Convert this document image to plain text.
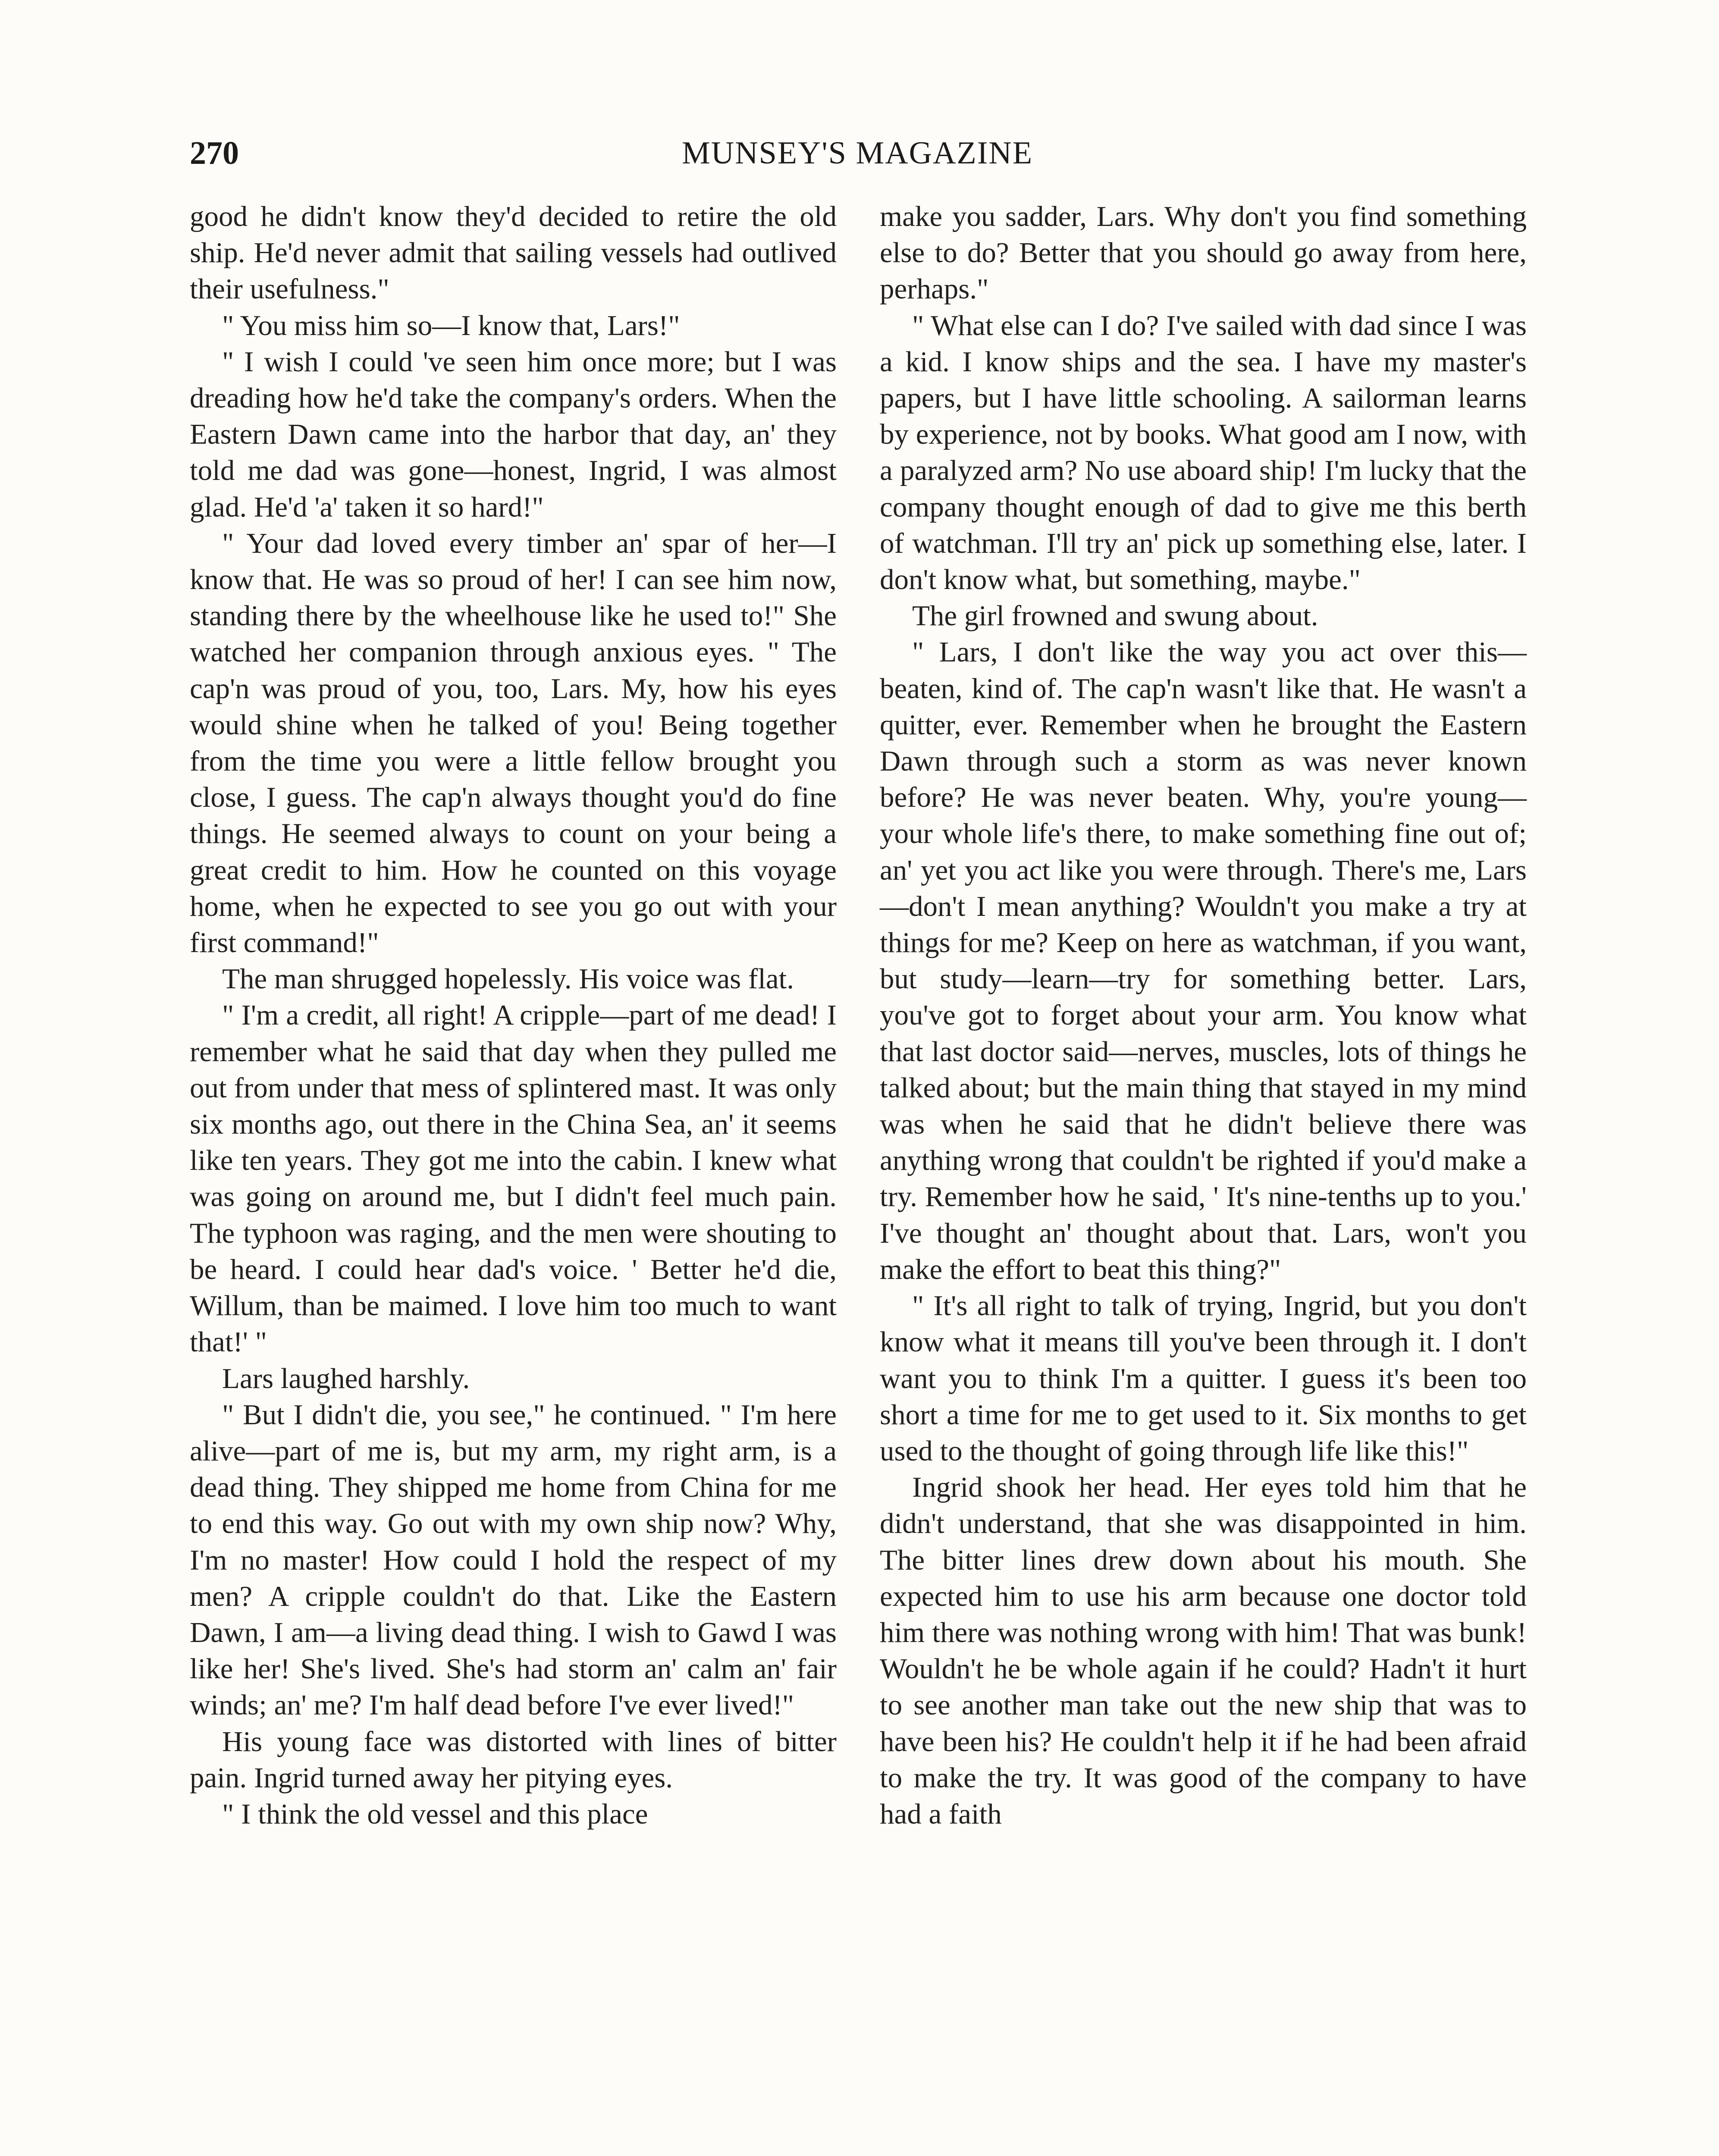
270	MUNSEY'S MAGAZINE

good he didn't know they'd decided to retire the old ship. He'd never admit that sailing vessels had outlived their usefulness."

" You miss him so—I know that, Lars!"

" I wish I could 've seen him once more; but I was dreading how he'd take the company's orders. When the Eastern Dawn came into the harbor that day, an' they told me dad was gone—honest, Ingrid, I was almost glad. He'd 'a' taken it so hard!"

" Your dad loved every timber an' spar of her—I know that. He was so proud of her! I can see him now, standing there by the wheelhouse like he used to!" She watched her companion through anxious eyes. " The cap'n was proud of you, too, Lars. My, how his eyes would shine when he talked of you! Being together from the time you were a little fellow brought you close, I guess. The cap'n always thought you'd do fine things. He seemed always to count on your being a great credit to him. How he counted on this voyage home, when he expected to see you go out with your first command!"

The man shrugged hopelessly. His voice was flat.

" I'm a credit, all right! A cripple—part of me dead! I remember what he said that day when they pulled me out from under that mess of splintered mast. It was only six months ago, out there in the China Sea, an' it seems like ten years. They got me into the cabin. I knew what was going on around me, but I didn't feel much pain. The typhoon was raging, and the men were shouting to be heard. I could hear dad's voice. ' Better he'd die, Willum, than be maimed. I love him too much to want that!' "

Lars laughed harshly.

" But I didn't die, you see," he continued. " I'm here alive—part of me is, but my arm, my right arm, is a dead thing. They shipped me home from China for me to end this way. Go out with my own ship now? Why, I'm no master! How could I hold the respect of my men? A cripple couldn't do that. Like the Eastern Dawn, I am—a living dead thing. I wish to Gawd I was like her! She's lived. She's had storm an' calm an' fair winds; an' me? I'm half dead before I've ever lived!"

His young face was distorted with lines of bitter pain. Ingrid turned away her pitying eyes.

" I think the old vessel and this place

make you sadder, Lars. Why don't you find something else to do? Better that you should go away from here, perhaps."

" What else can I do? I've sailed with dad since I was a kid. I know ships and the sea. I have my master's papers, but I have little schooling. A sailorman learns by experience, not by books. What good am I now, with a paralyzed arm? No use aboard ship! I'm lucky that the company thought enough of dad to give me this berth of watchman. I'll try an' pick up something else, later. I don't know what, but something, maybe."

The girl frowned and swung about.

" Lars, I don't like the way you act over this—beaten, kind of. The cap'n wasn't like that. He wasn't a quitter, ever. Remember when he brought the Eastern Dawn through such a storm as was never known before? He was never beaten. Why, you're young—your whole life's there, to make something fine out of; an' yet you act like you were through. There's me, Lars—don't I mean anything? Wouldn't you make a try at things for me? Keep on here as watchman, if you want, but study—learn—try for something better. Lars, you've got to forget about your arm. You know what that last doctor said—nerves, muscles, lots of things he talked about; but the main thing that stayed in my mind was when he said that he didn't believe there was anything wrong that couldn't be righted if you'd make a try. Remember how he said, ' It's nine-tenths up to you.' I've thought an' thought about that. Lars, won't you make the effort to beat this thing?"

" It's all right to talk of trying, Ingrid, but you don't know what it means till you've been through it. I don't want you to think I'm a quitter. I guess it's been too short a time for me to get used to it. Six months to get used to the thought of going through life like this!"

Ingrid shook her head. Her eyes told him that he didn't understand, that she was disappointed in him. The bitter lines drew down about his mouth. She expected him to use his arm because one doctor told him there was nothing wrong with him! That was bunk! Wouldn't he be whole again if he could? Hadn't it hurt to see another man take out the new ship that was to have been his? He couldn't help it if he had been afraid to make the try. It was good of the company to have had a faith
